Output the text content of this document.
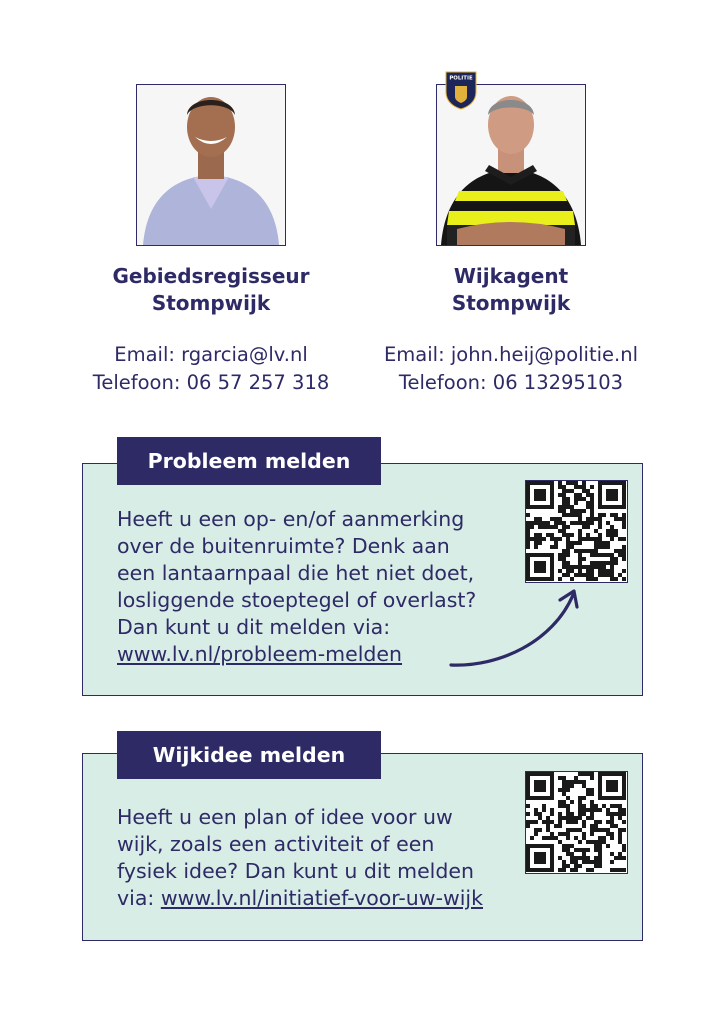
Gebiedsregisseur
Stompwijk
Email: rgarcia@lv.nl
Telefoon: 06 57 257 318
POLITIE
Wijkagent
Stompwijk
Email: john.heij@politie.nl
Telefoon: 06 13295103
Heeft u een op- en/of aanmerking
over de buitenruimte? Denk aan
een lantaarnpaal die het niet doet,
losliggende stoeptegel of overlast?
Dan kunt u dit melden via:
www.lv.nl/probleem-melden
Probleem melden
Heeft u een plan of idee voor uw
wijk, zoals een activiteit of een
fysiek idee? Dan kunt u dit melden
via: www.lv.nl/initiatief-voor-uw-wijk
Wijkidee melden
